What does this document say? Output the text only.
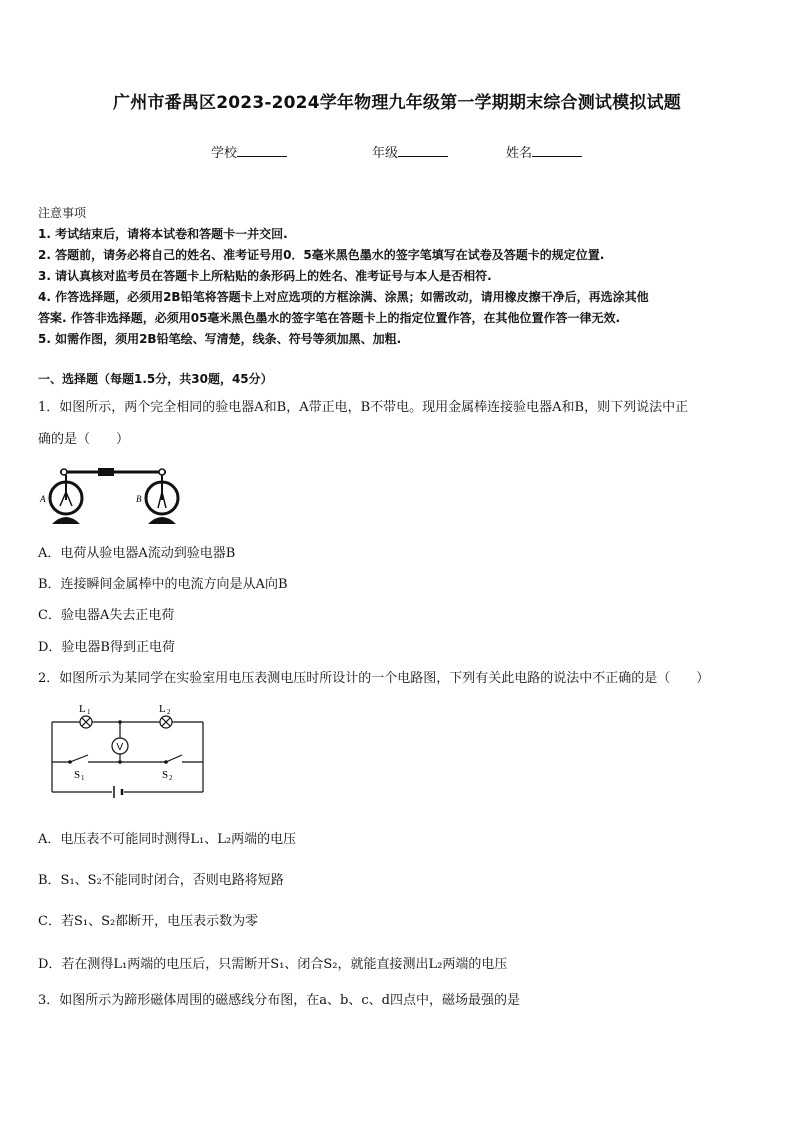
广州市番禺区2023-2024学年物理九年级第一学期期末综合测试模拟试题
学校	年级	姓名
注意事项
1. 考试结束后，请将本试卷和答题卡一并交回.
2. 答题前，请务必将自己的姓名、准考证号用0．5毫米黑色墨水的签字笔填写在试卷及答题卡的规定位置.
3. 请认真核对监考员在答题卡上所粘贴的条形码上的姓名、准考证号与本人是否相符.
4. 作答选择题，必须用2B铅笔将答题卡上对应选项的方框涂满、涂黑；如需改动，请用橡皮擦干净后，再选涂其他
答案. 作答非选择题，必须用05毫米黑色墨水的签字笔在答题卡上的指定位置作答，在其他位置作答一律无效.
5. 如需作图，须用2B铅笔绘、写清楚，线条、符号等须加黑、加粗.
一、选择题（每题1.5分，共30题，45分）
1．如图所示，两个完全相同的验电器A和B，A带正电，B不带电。现用金属棒连接验电器A和B，则下列说法中正
确的是（　　）
A	B
A．电荷从验电器A流动到验电器B
B．连接瞬间金属棒中的电流方向是从A向B
C．验电器A失去正电荷
D．验电器B得到正电荷
2．如图所示为某同学在实验室用电压表测电压时所设计的一个电路图，下列有关此电路的说法中不正确的是（　　）
V
L 1	L 2
S 1	S 2
A．电压表不可能同时测得L₁、L₂两端的电压
B．S₁、S₂不能同时闭合，否则电路将短路
C．若S₁、S₂都断开，电压表示数为零
D．若在测得L₁两端的电压后，只需断开S₁、闭合S₂，就能直接测出L₂两端的电压
3．如图所示为蹄形磁体周围的磁感线分布图，在a、b、c、d四点中，磁场最强的是
